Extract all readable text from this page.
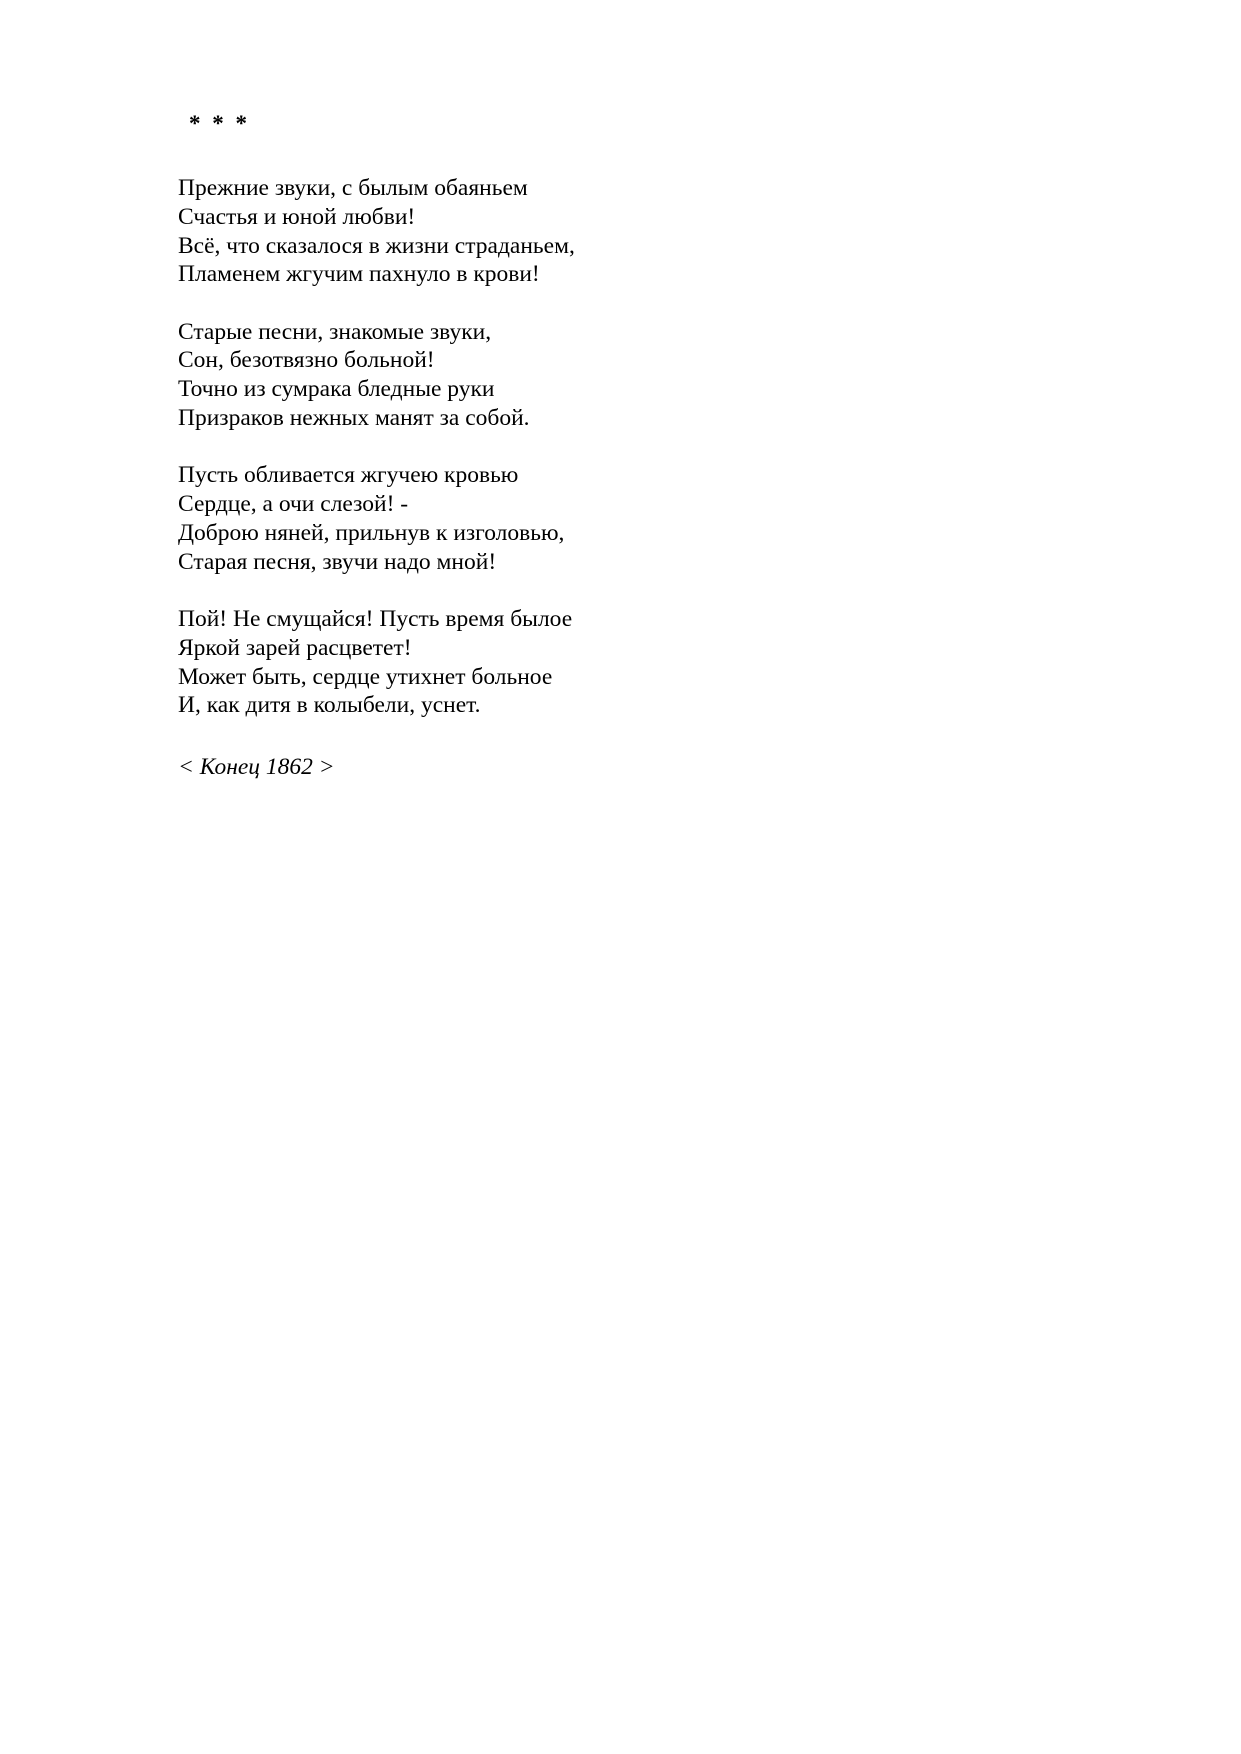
* * *
Прежние звуки, с былым обаяньем
Счастья и юной любви!
Всё, что сказалося в жизни страданьем,
Пламенем жгучим пахнуло в крови!
Старые песни, знакомые звуки,
Сон, безотвязно больной!
Точно из сумрака бледные руки
Призраков нежных манят за собой.
Пусть обливается жгучею кровью
Сердце, а очи слезой! -
Доброю няней, прильнув к изголовью,
Старая песня, звучи надо мной!
Пой! Не смущайся! Пусть время былое
Яркой зарей расцветет!
Может быть, сердце утихнет больное
И, как дитя в колыбели, уснет.
< Конец 1862 >
